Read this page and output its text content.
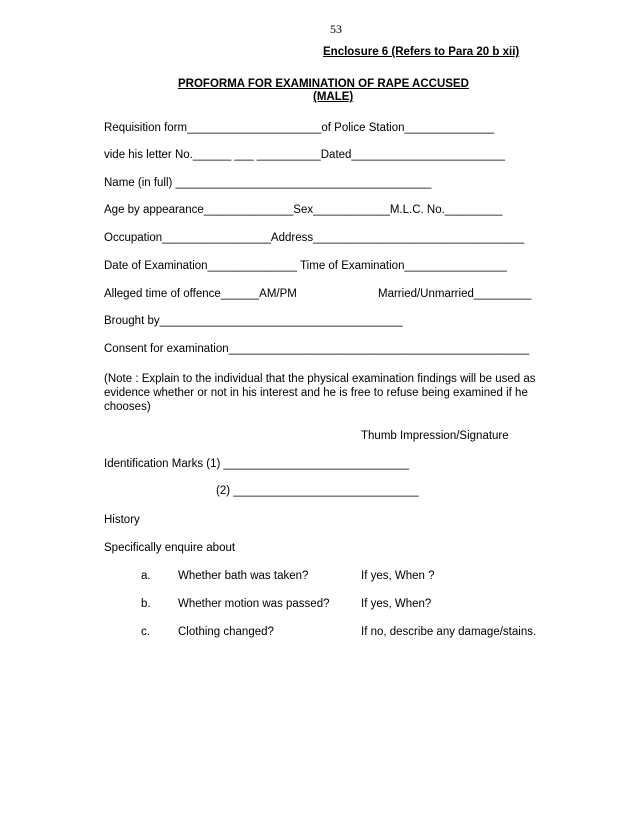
53
Enclosure 6 (Refers to Para 20 b xii)
PROFORMA FOR EXAMINATION OF RAPE ACCUSED
(MALE)
Requisition form_____________________of Police Station______________
vide his letter No.______ ___ __________Dated________________________
Name (in full) ________________________________________
Age by appearance______________Sex____________M.L.C. No._________
Occupation_________________Address_________________________________
Date of Examination______________ Time of Examination________________
Alleged time of offence______AM/PM	Married/Unmarried_________
Brought by______________________________________
Consent for examination_______________________________________________
(Note : Explain to the individual that the physical examination findings will be used as
evidence whether or not in his interest and he is free to refuse being examined if he
chooses)
Thumb Impression/Signature
Identification Marks (1) _____________________________
(2) _____________________________
History
Specifically enquire about
a. Whether bath was taken?	If yes, When ?
b. Whether motion was passed?	If yes, When?
c. Clothing changed?	If no, describe any damage/stains.
